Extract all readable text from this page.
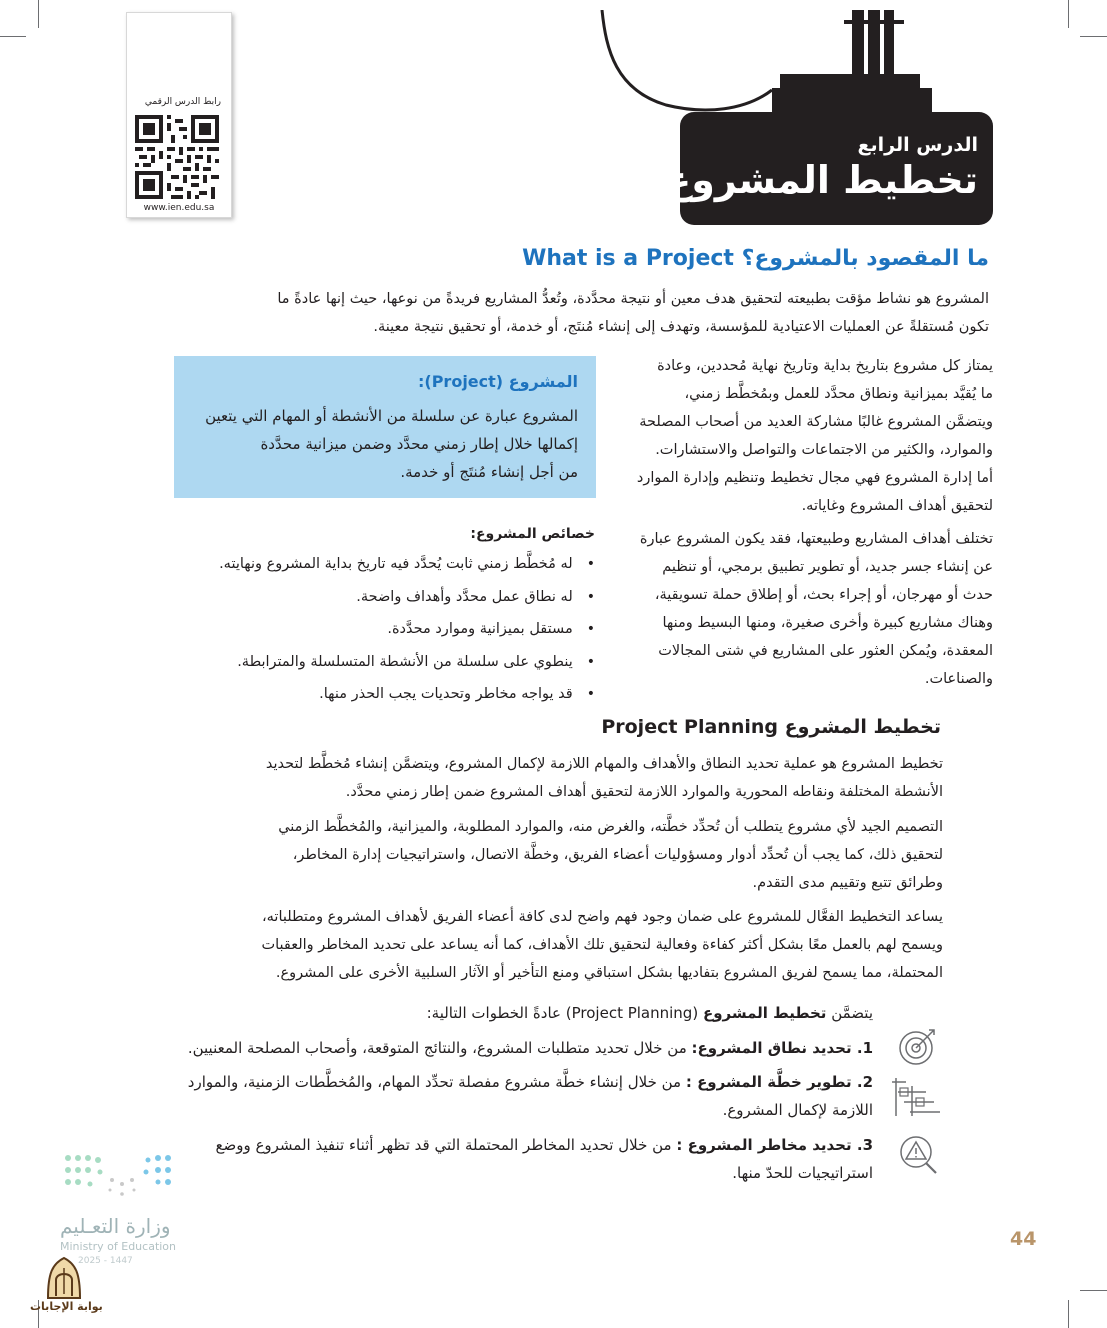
رابط الدرس الرقمي
www.ien.edu.sa
الدرس الرابع
تخطيط المشروع
ما المقصود بالمشروع؟ What is a Project
المشروع هو نشاط مؤقت بطبيعته لتحقيق هدف معين أو نتيجة محدَّدة، وتُعدُّ المشاريع فريدةً من نوعها، حيث إنها عادةً ما
تكون مُستقلةً عن العمليات الاعتيادية للمؤسسة، وتهدف إلى إنشاء مُنتَج، أو خدمة، أو تحقيق نتيجة معينة.
يمتاز كل مشروع بتاريخ بداية وتاريخ نهاية مُحددين، وعادة
ما يُقيَّد بميزانية ونطاق محدَّد للعمل وبمُخطَّط زمني،
ويتضمَّن المشروع غالبًا مشاركة العديد من أصحاب المصلحة
والموارد، والكثير من الاجتماعات والتواصل والاستشارات.
أما إدارة المشروع فهي مجال تخطيط وتنظيم وإدارة الموارد
لتحقيق أهداف المشروع وغاياته.
تختلف أهداف المشاريع وطبيعتها، فقد يكون المشروع عبارة
عن إنشاء جسر جديد، أو تطوير تطبيق برمجي، أو تنظيم
حدث أو مهرجان، أو إجراء بحث، أو إطلاق حملة تسويقية،
وهناك مشاريع كبيرة وأخرى صغيرة، ومنها البسيط ومنها
المعقدة، ويُمكن العثور على المشاريع في شتى المجالات
والصناعات.
المشروع (Project):
المشروع عبارة عن سلسلة من الأنشطة أو المهام التي يتعين
إكمالها خلال إطار زمني محدَّد وضمن ميزانية محدَّدة
من أجل إنشاء مُنتَج أو خدمة.
خصائص المشروع:
• له مُخطَّط زمني ثابت يُحدَّد فيه تاريخ بداية المشروع ونهايته.
• له نطاق عمل محدَّد وأهداف واضحة.
• مستقل بميزانية وموارد محدَّدة.
• ينطوي على سلسلة من الأنشطة المتسلسلة والمترابطة.
• قد يواجه مخاطر وتحديات يجب الحذر منها.
تخطيط المشروع Project Planning
تخطيط المشروع هو عملية تحديد النطاق والأهداف والمهام اللازمة لإكمال المشروع، ويتضمَّن إنشاء مُخطَّط لتحديد
الأنشطة المختلفة ونقاطه المحورية والموارد اللازمة لتحقيق أهداف المشروع ضمن إطار زمني محدَّد.
التصميم الجيد لأي مشروع يتطلب أن تُحدِّد خطَّته، والغرض منه، والموارد المطلوبة، والميزانية، والمُخطَّط الزمني
لتحقيق ذلك، كما يجب أن تُحدِّد أدوار ومسؤوليات أعضاء الفريق، وخطَّة الاتصال، واستراتيجيات إدارة المخاطر،
وطرائق تتبع وتقييم مدى التقدم.
يساعد التخطيط الفعَّال للمشروع على ضمان وجود فهم واضح لدى كافة أعضاء الفريق لأهداف المشروع ومتطلباته،
ويسمح لهم بالعمل معًا بشكل أكثر كفاءة وفعالية لتحقيق تلك الأهداف، كما أنه يساعد على تحديد المخاطر والعقبات
المحتملة، مما يسمح لفريق المشروع بتفاديها بشكل استباقي ومنع التأخير أو الآثار السلبية الأخرى على المشروع.
يتضمَّن تخطيط المشروع (Project Planning) عادةً الخطوات التالية:
1. تحديد نطاق المشروع: من خلال تحديد متطلبات المشروع، والنتائج المتوقعة، وأصحاب المصلحة المعنيين.
2. تطوير خطَّة المشروع : من خلال إنشاء خطَّة مشروع مفصلة تحدِّد المهام، والمُخطَّطات الزمنية، والموارد
اللازمة لإكمال المشروع.
3. تحديد مخاطر المشروع : من خلال تحديد المخاطر المحتملة التي قد تظهر أثناء تنفيذ المشروع ووضع
استراتيجيات للحدّ منها.
وزارة التعـليم
Ministry of Education
2025 - 1447
بوابة الإجابات
44
